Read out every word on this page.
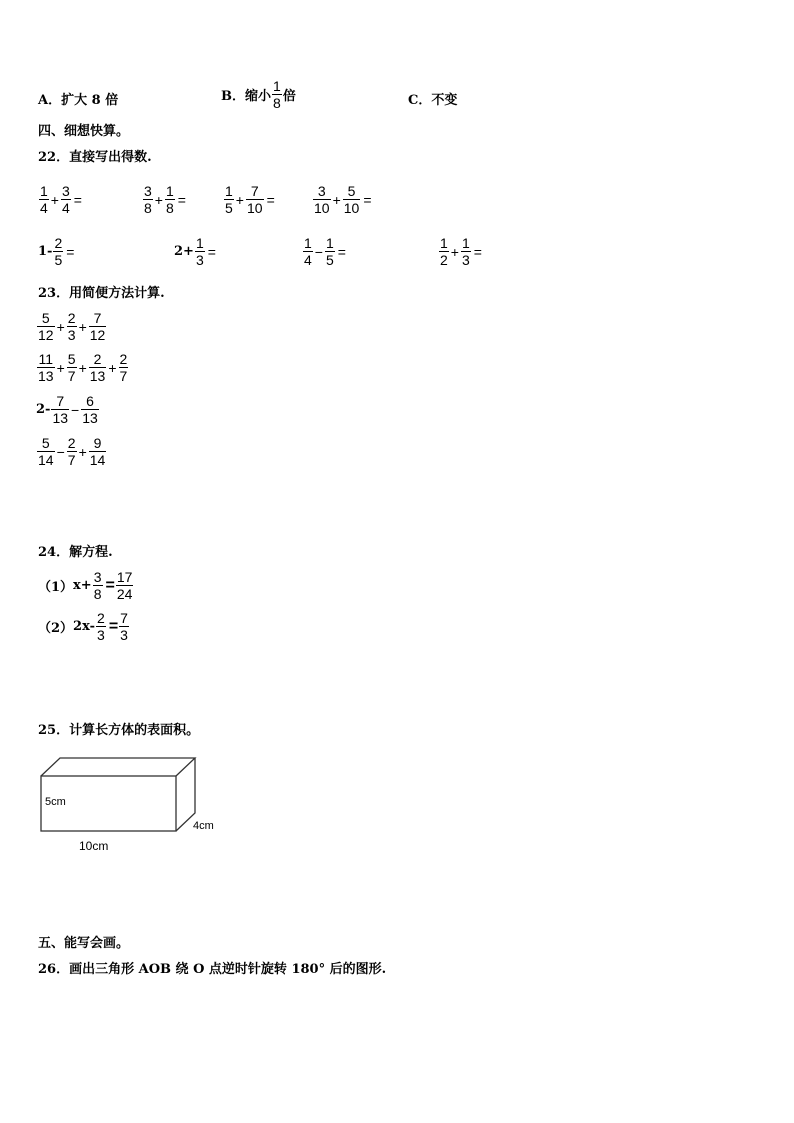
A．扩大 8 倍	B． 缩小 $\frac{1}{8}$ 倍	C．不变
四、细想快算。
22．直接写出得数.
$\frac{1}{4} + \frac{3}{4}$ =	$\frac{3}{8} + \frac{1}{8}$ =	$\frac{1}{5} + \frac{7}{10}$ =	$\frac{3}{10} + \frac{5}{10}$ =
$1- \frac{2}{5}$ =	$2+ \frac{1}{3}$ =	$\frac{1}{4} - \frac{1}{5}$ =	$\frac{1}{2} + \frac{1}{3}$ =
23．用简便方法计算.
$\frac{5}{12} + \frac{2}{3} + \frac{7}{12}$
$\frac{11}{13} + \frac{5}{7} + \frac{2}{13} + \frac{2}{7}$
$2- \frac{7}{13} - \frac{6}{13}$
$\frac{5}{14} - \frac{2}{7} + \frac{9}{14}$
24．解方程.
（1） $x+ \frac{3}{8} = \frac{17}{24}$
（2） $2x- \frac{2}{3} = \frac{7}{3}$
25．计算长方体的表面积。
5cm
4cm
10cm
五、能写会画。
26．画出三角形 AOB 绕 O 点逆时针旋转 180° 后的图形.
